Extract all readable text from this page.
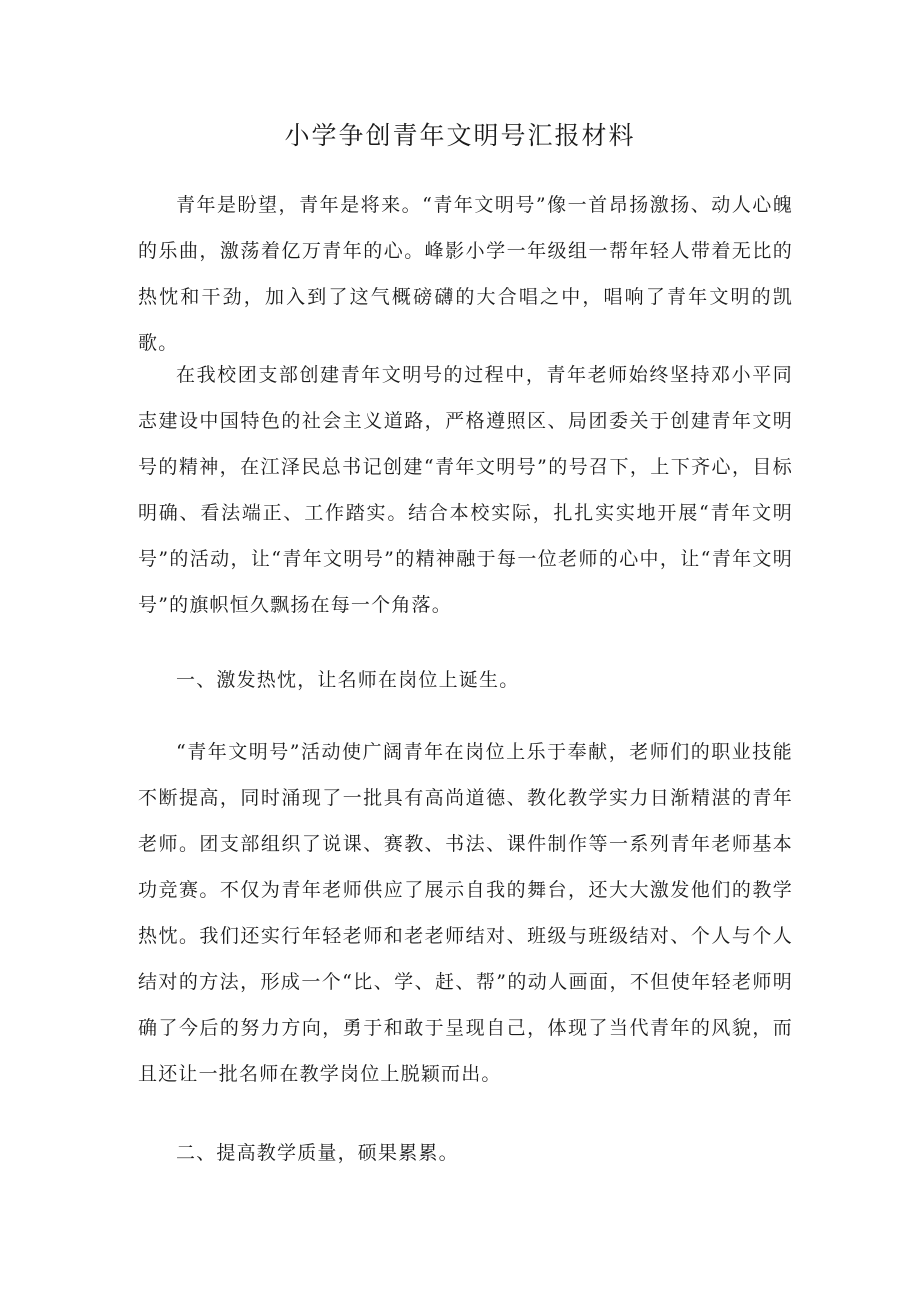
小学争创青年文明号汇报材料

青年是盼望，青年是将来。“青年文明号”像一首昂扬激扬、动人心魄的乐曲，激荡着亿万青年的心。峰影小学一年级组一帮年轻人带着无比的热忱和干劲，加入到了这气概磅礴的大合唱之中，唱响了青年文明的凯歌。

在我校团支部创建青年文明号的过程中，青年老师始终坚持邓小平同志建设中国特色的社会主义道路，严格遵照区、局团委关于创建青年文明号的精神，在江泽民总书记创建“青年文明号”的号召下，上下齐心，目标明确、看法端正、工作踏实。结合本校实际，扎扎实实地开展“青年文明号”的活动，让“青年文明号”的精神融于每一位老师的心中，让“青年文明号”的旗帜恒久飘扬在每一个角落。

一、激发热忱，让名师在岗位上诞生。

“青年文明号”活动使广阔青年在岗位上乐于奉献，老师们的职业技能不断提高，同时涌现了一批具有高尚道德、教化教学实力日渐精湛的青年老师。团支部组织了说课、赛教、书法、课件制作等一系列青年老师基本功竞赛。不仅为青年老师供应了展示自我的舞台，还大大激发他们的教学热忱。我们还实行年轻老师和老老师结对、班级与班级结对、个人与个人结对的方法，形成一个“比、学、赶、帮”的动人画面，不但使年轻老师明确了今后的努力方向，勇于和敢于呈现自己，体现了当代青年的风貌，而且还让一批名师在教学岗位上脱颖而出。

二、提高教学质量，硕果累累。
